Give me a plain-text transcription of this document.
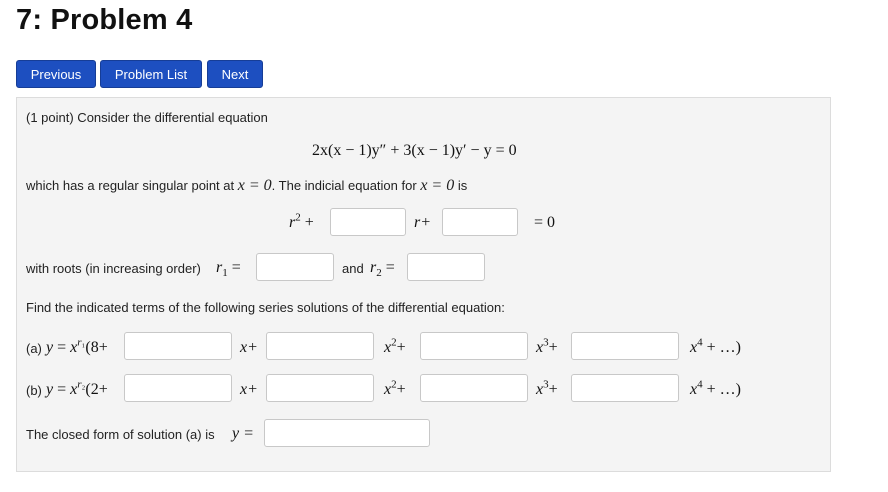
7: Problem 4
Previous	Problem List	Next
(1 point) Consider the differential equation
2x(x − 1)y″ + 3(x − 1)y′ − y = 0
which has a regular singular point at x = 0. The indicial equation for x = 0 is
$r^2$ +	r+	= 0
with roots (in increasing order) $r_1$ =	and $r_2$ =
Find the indicated terms of the following series solutions of the differential equation:
(a) $y = x^{r_1}(8+$	x+	$x^2+$	$x^3+$	$x^4$ + …)
(b) $y = x^{r_2}(2+$	x+	$x^2+$	$x^3+$	$x^4$ + …)
The closed form of solution (a) is y =
